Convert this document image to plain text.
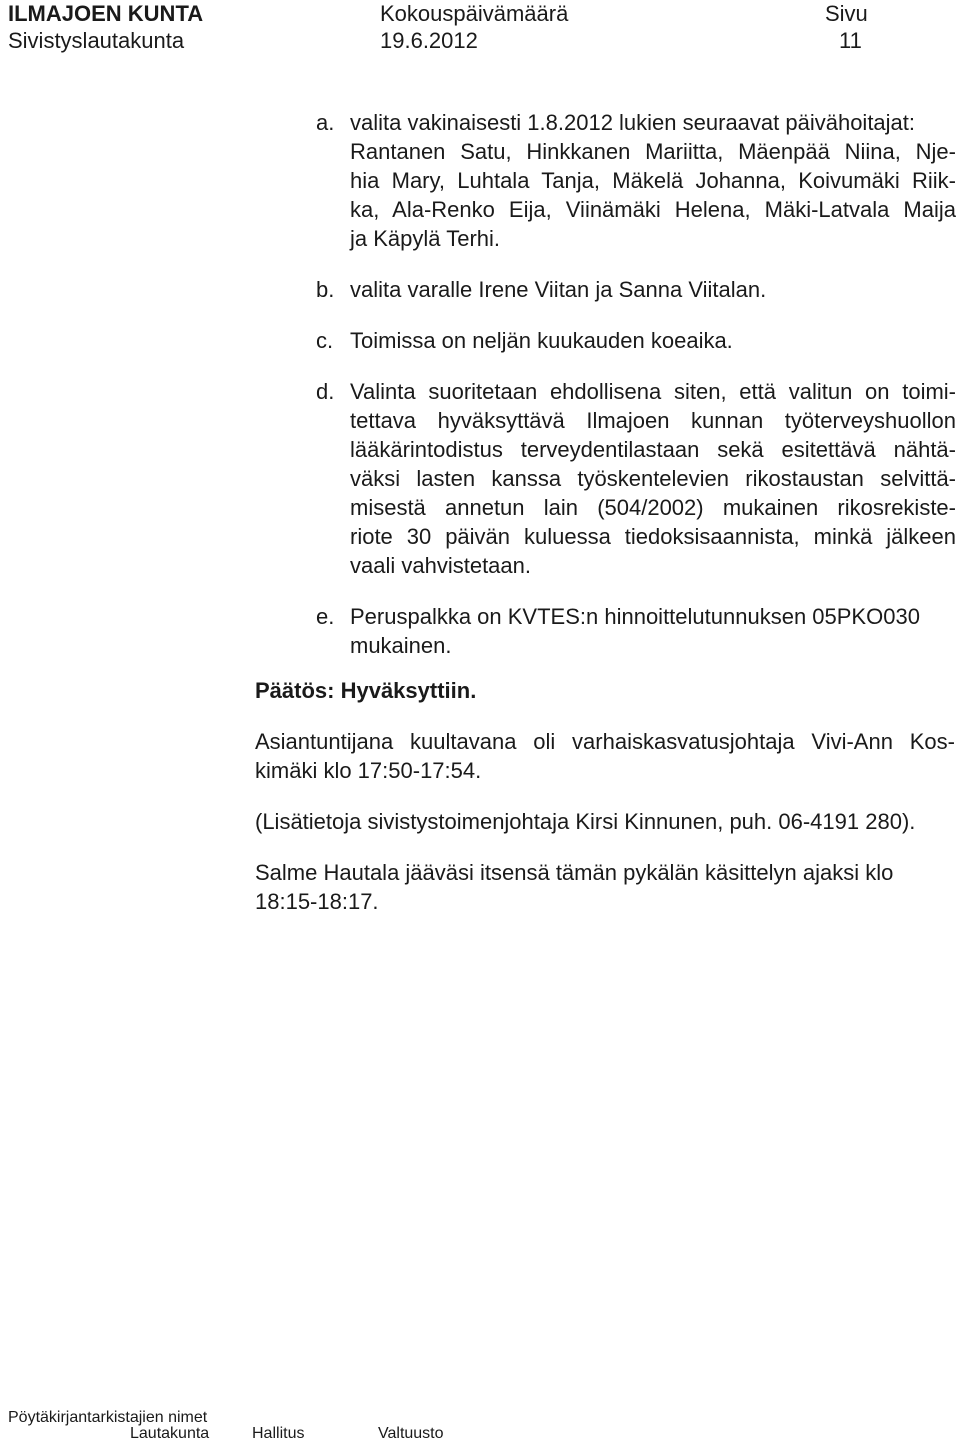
ILMAJOEN KUNTA
Sivistyslautakunta
Kokouspäivämäärä
19.6.2012
Sivu
11
a. valita vakinaisesti 1.8.2012 lukien seuraavat päivähoitajat:
Rantanen Satu, Hinkkanen Mariitta, Mäenpää Niina, Nje-
hia Mary, Luhtala Tanja, Mäkelä Johanna, Koivumäki Riik-
ka, Ala-Renko Eija, Viinämäki Helena, Mäki-Latvala Maija
ja Käpylä Terhi.
b. valita varalle Irene Viitan ja Sanna Viitalan.
c. Toimissa on neljän kuukauden koeaika.
d. Valinta suoritetaan ehdollisena siten, että valitun on toimi-
tettava hyväksyttävä Ilmajoen kunnan työterveyshuollon
lääkärintodistus terveydentilastaan sekä esitettävä nähtä-
väksi lasten kanssa työskentelevien rikostaustan selvittä-
misestä annetun lain (504/2002) mukainen rikosrekiste-
riote 30 päivän kuluessa tiedoksisaannista, minkä jälkeen
vaali vahvistetaan.
e. Peruspalkka on KVTES:n hinnoittelutunnuksen 05PKO030
mukainen.
Päätös: Hyväksyttiin.
Asiantuntijana kuultavana oli varhaiskasvatusjohtaja Vivi-Ann Kos-
kimäki klo 17:50-17:54.
(Lisätietoja sivistystoimenjohtaja Kirsi Kinnunen, puh. 06-4191 280).
Salme Hautala jääväsi itsensä tämän pykälän käsittelyn ajaksi klo
18:15-18:17.
Pöytäkirjantarkistajien nimet
Lautakunta	Hallitus	Valtuusto
